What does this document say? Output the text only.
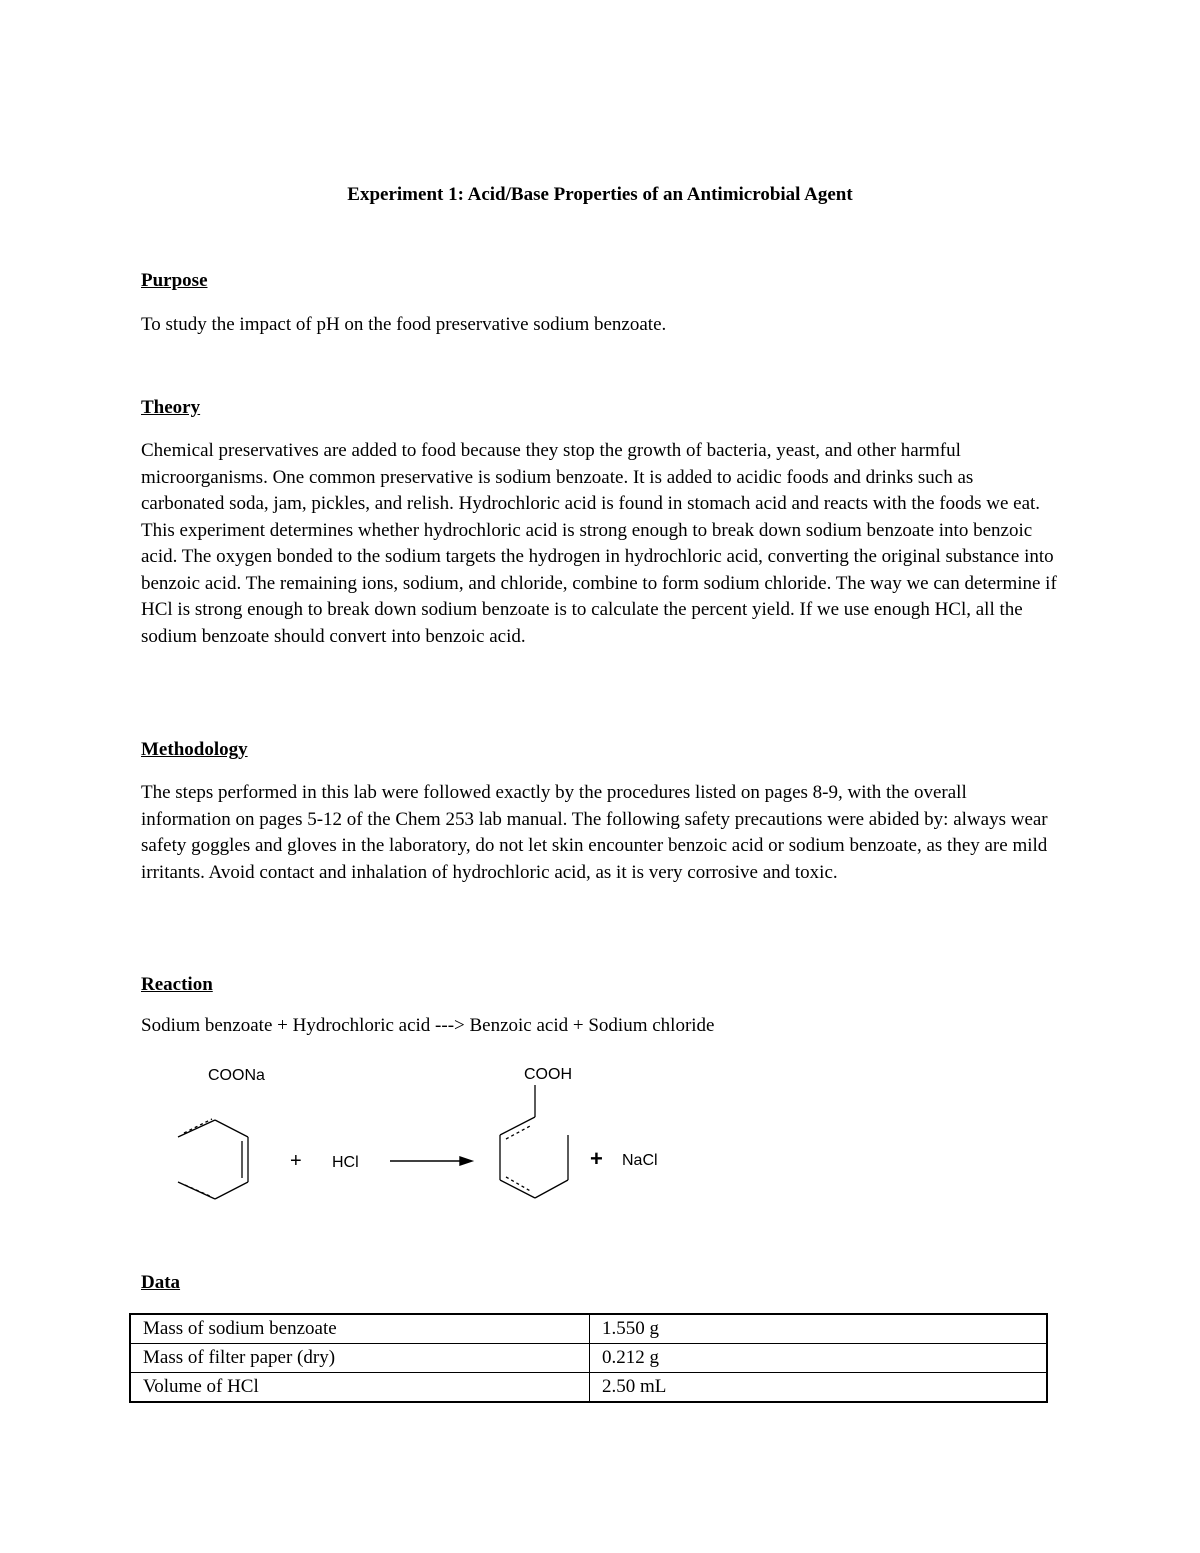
Experiment 1: Acid/Base Properties of an Antimicrobial Agent
Purpose
To study the impact of pH on the food preservative sodium benzoate.
Theory
Chemical preservatives are added to food because they stop the growth of bacteria, yeast, and other harmful microorganisms. One common preservative is sodium benzoate. It is added to acidic foods and drinks such as carbonated soda, jam, pickles, and relish. Hydrochloric acid is found in stomach acid and reacts with the foods we eat. This experiment determines whether hydrochloric acid is strong enough to break down sodium benzoate into benzoic acid. The oxygen bonded to the sodium targets the hydrogen in hydrochloric acid, converting the original substance into benzoic acid. The remaining ions, sodium, and chloride, combine to form sodium chloride. The way we can determine if HCl is strong enough to break down sodium benzoate is to calculate the percent yield. If we use enough HCl, all the sodium benzoate should convert into benzoic acid.
Methodology
The steps performed in this lab were followed exactly by the procedures listed on pages 8-9, with the overall information on pages 5-12 of the Chem 253 lab manual. The following safety precautions were abided by: always wear safety goggles and gloves in the laboratory, do not let skin encounter benzoic acid or sodium benzoate, as they are mild irritants. Avoid contact and inhalation of hydrochloric acid, as it is very corrosive and toxic.
Reaction
Sodium benzoate + Hydrochloric acid ---> Benzoic acid + Sodium chloride
COONa
+ HCl
COOH
+ NaCl
Data
Mass of sodium benzoate	1.550 g
Mass of filter paper (dry)	0.212 g
Volume of HCl	2.50 mL
